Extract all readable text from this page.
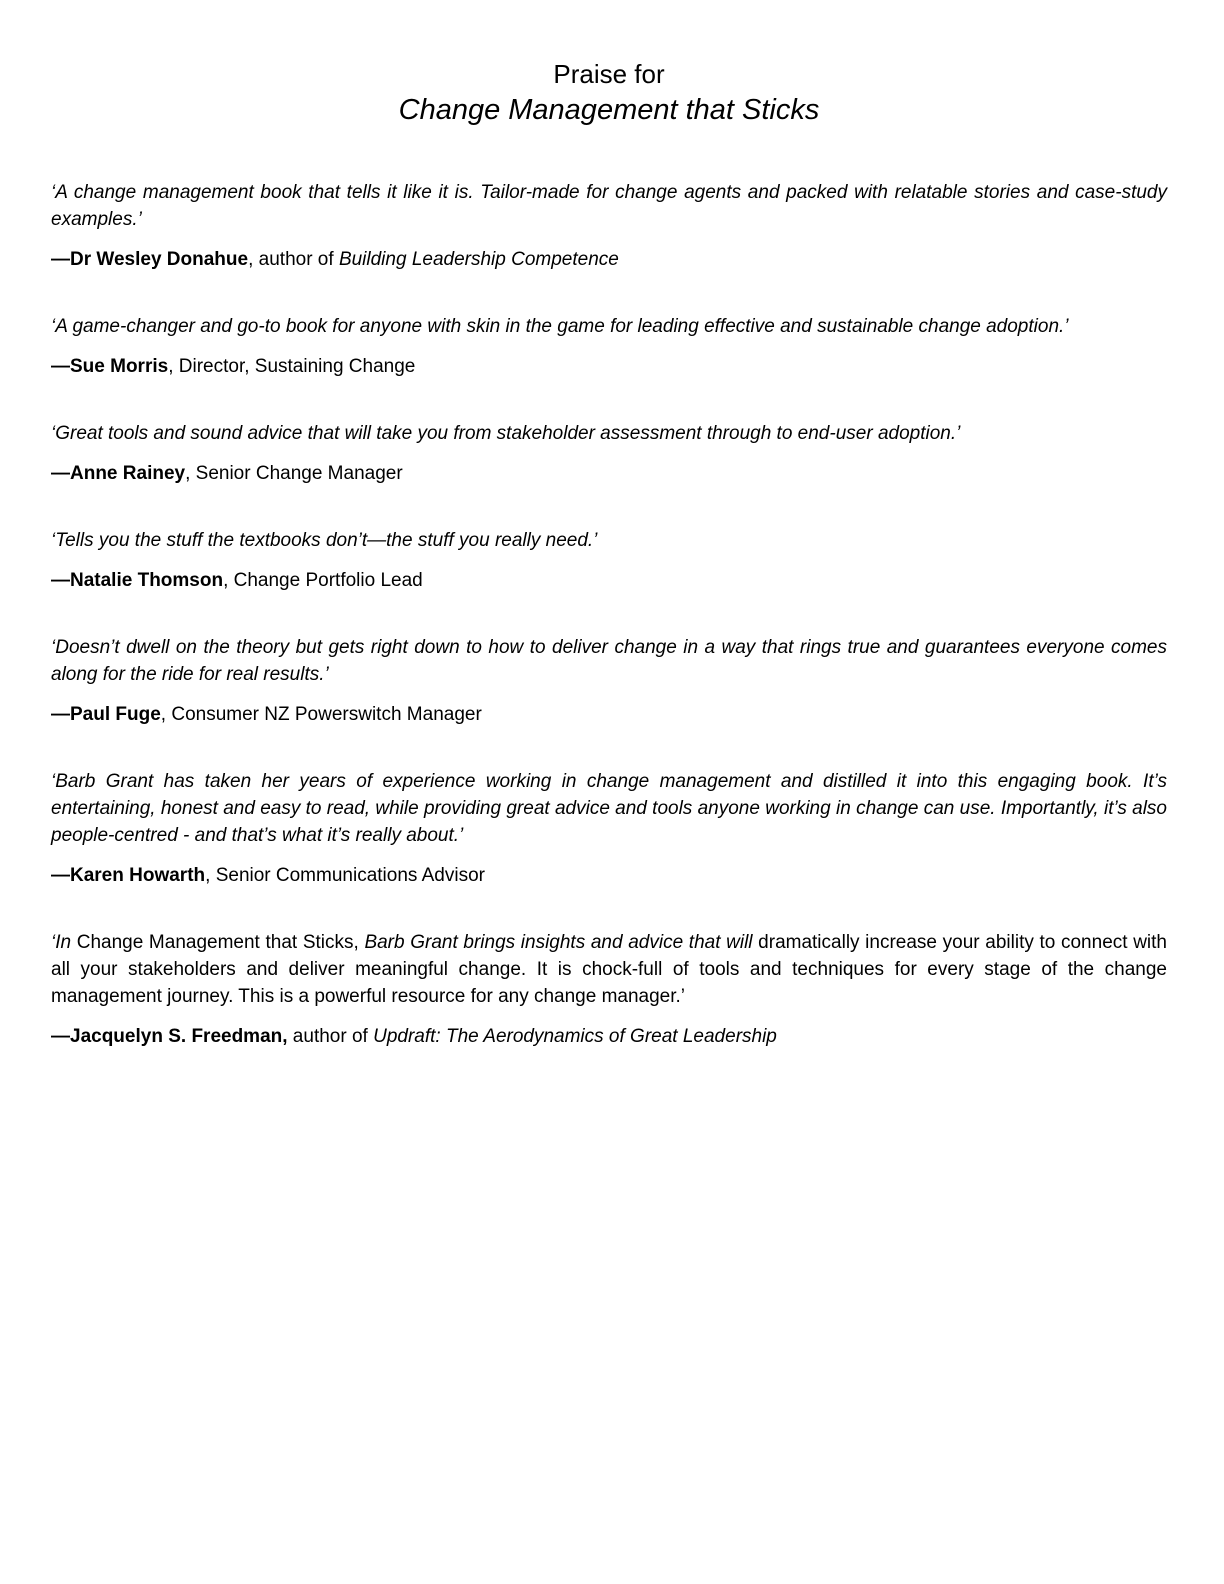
Praise for
Change Management that Sticks

‘A change management book that tells it like it is. Tailor-made for change agents and packed with relatable stories and case-study examples.’

—Dr Wesley Donahue, author of Building Leadership Competence

‘A game-changer and go-to book for anyone with skin in the game for leading effective and sustainable change adoption.’

—Sue Morris, Director, Sustaining Change

‘Great tools and sound advice that will take you from stakeholder assessment through to end-user adoption.’

—Anne Rainey, Senior Change Manager

‘Tells you the stuff the textbooks don’t—the stuff you really need.’

—Natalie Thomson, Change Portfolio Lead

‘Doesn’t dwell on the theory but gets right down to how to deliver change in a way that rings true and guarantees everyone comes along for the ride for real results.’

—Paul Fuge, Consumer NZ Powerswitch Manager

‘Barb Grant has taken her years of experience working in change management and distilled it into this engaging book. It’s entertaining, honest and easy to read, while providing great advice and tools anyone working in change can use. Importantly, it’s also people-centred - and that’s what it’s really about.’

—Karen Howarth, Senior Communications Advisor

‘In Change Management that Sticks, Barb Grant brings insights and advice that will dramatically increase your ability to connect with all your stakeholders and deliver meaningful change. It is chock-full of tools and techniques for every stage of the change management journey. This is a powerful resource for any change manager.’

—Jacquelyn S. Freedman, author of Updraft: The Aerodynamics of Great Leadership
